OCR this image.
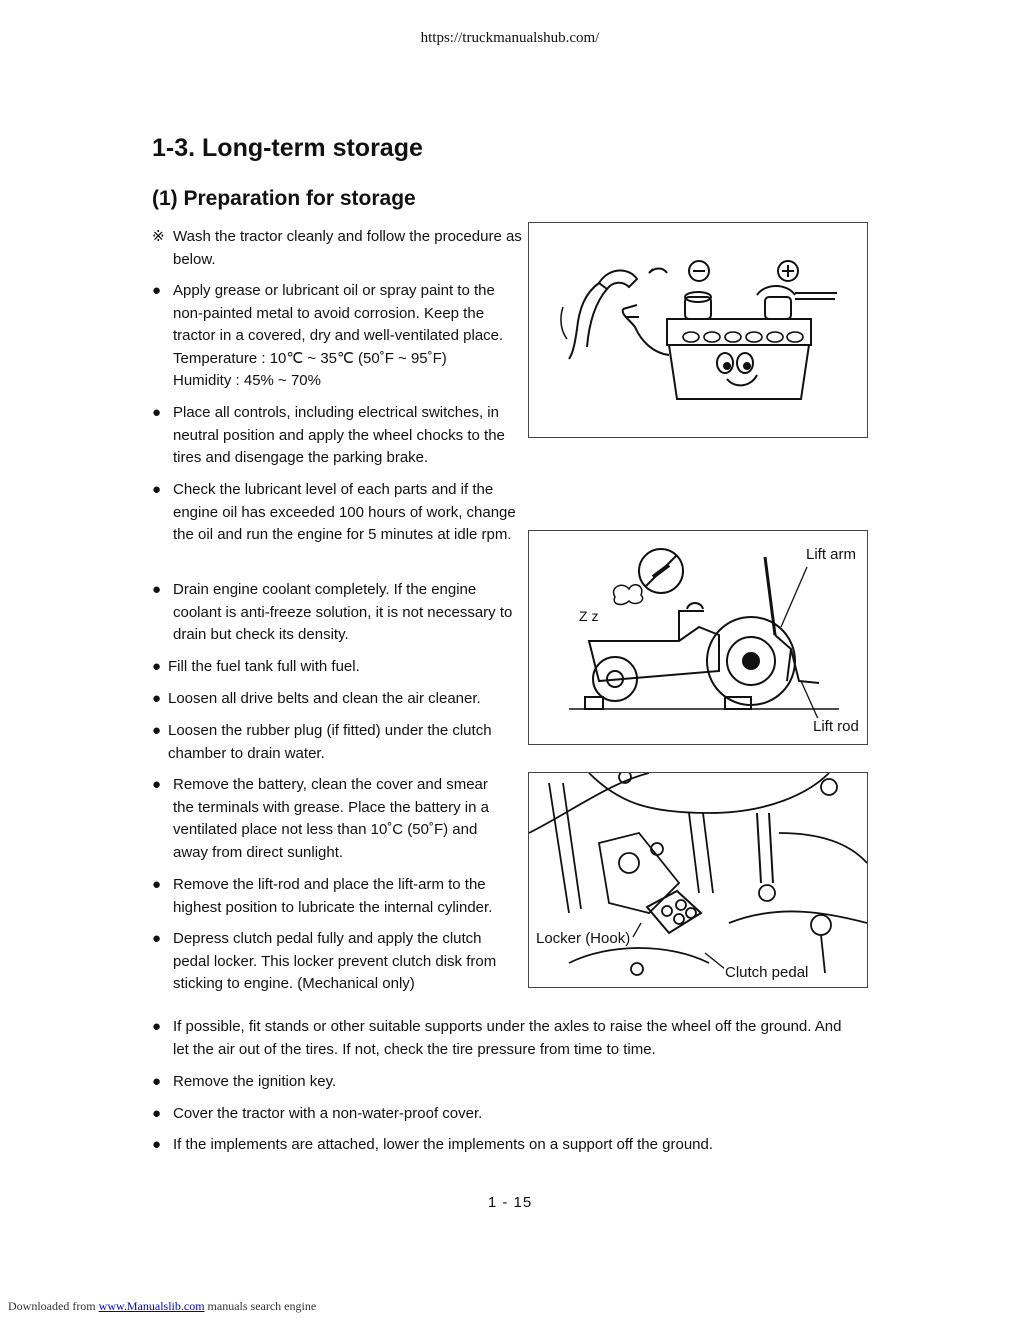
https://truckmanualshub.com/
1-3. Long-term storage
(1) Preparation for storage
※ Wash the tractor cleanly and follow the procedure as below.
● Apply grease or lubricant oil or spray paint to the non-painted metal to avoid corrosion. Keep the tractor in a covered, dry and well-ventilated place.
Temperature : 10℃ ~ 35℃ (50˚F ~ 95˚F)
Humidity : 45% ~ 70%
● Place all controls, including electrical switches, in neutral position and apply the wheel chocks to the tires and disengage the parking brake.
● Check the lubricant level of each parts and if the engine oil has exceeded 100 hours of work, change the oil and run the engine for 5 minutes at idle rpm.
● Drain engine coolant completely. If the engine coolant is anti-freeze solution, it is not necessary to drain but check its density.
● Fill the fuel tank full with fuel.
● Loosen all drive belts and clean the air cleaner.
● Loosen the rubber plug (if fitted) under the clutch chamber to drain water.
● Remove the battery, clean the cover and smear the terminals with grease. Place the battery in a ventilated place not less than 10˚C (50˚F) and away from direct sunlight.
● Remove the lift-rod and place the lift-arm to the highest position to lubricate the internal cylinder.
● Depress clutch pedal fully and apply the clutch pedal locker. This locker prevent clutch disk from sticking to engine. (Mechanical only)
● If possible, fit stands or other suitable supports under the axles to raise the wheel off the ground. And let the air out of the tires. If not, check the tire pressure from time to time.
● Remove the ignition key.
● Cover the tractor with a non-water-proof cover.
● If the implements are attached, lower the implements on a support off the ground.
Z z
Lift arm
Lift rod
Locker (Hook)
Clutch pedal
1 - 15
Downloaded from www.Manualslib.com manuals search engine
